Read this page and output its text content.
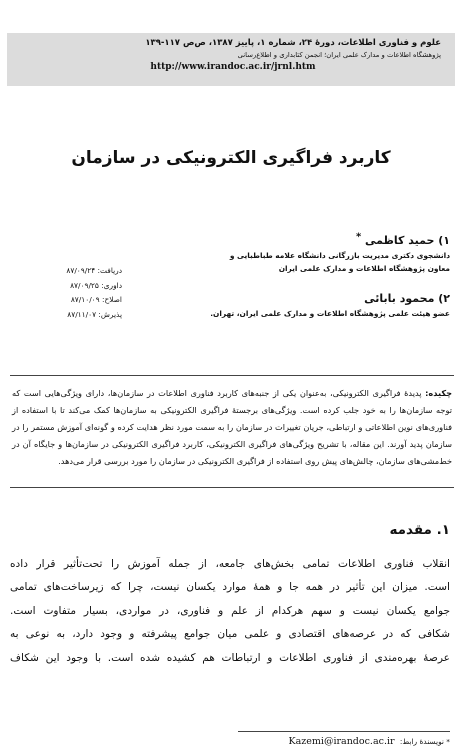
علوم و فناوری اطلاعات، دورۀ ۲۴، شماره ۱، پاییز ۱۳۸۷، ص‌ص ۱۱۷-۱۳۹
پژوهشگاه اطلاعات و مدارک علمی ایران؛ انجمن کتابداری و اطلاع‌رسانی
http://www.irandoc.ac.ir/jrnl.htm
کاربرد فراگیری الکترونیکی در سازمان
۱) حمید کاظمی *
دانشجوی دکتری مدیریت بازرگانی دانشگاه علامه طباطبایی و
معاون پژوهشگاه اطلاعات و مدارک علمی ایران
۲) محمود بابائی
عضو هیئت علمی پژوهشگاه اطلاعات و مدارک علمی ایران، تهران.
دریافت: ۸۷/۰۹/۲۴
داوری: ۸۷/۰۹/۲۵
اصلاح: ۸۷/۱۰/۰۹
پذیرش: ۸۷/۱۱/۰۷
چکیده: پدیدۀ فراگیری الکترونیکی، به‌عنوان یکی از جنبه‌های کاربرد فناوری اطلاعات در سازمان‌ها، دارای ویژگی‌هایی است که توجه سازمان‌ها را به خود جلب کرده است. ویژگی‌های برجستۀ فراگیری الکترونیکی به سازمان‌ها کمک می‌کند تا با استفاده از فناوری‌های نوین اطلاعاتی و ارتباطی، جریان تغییرات در سازمان را به سمت مورد نظر هدایت کرده و گونه‌ای آموزش مستمر را در سازمان پدید آورند. این مقاله، با تشریح ویژگی‌های فراگیری الکترونیکی، کاربرد فراگیری الکترونیکی در سازمان‌ها و جایگاه آن در خط‌مشی‌های سازمان، چالش‌های پیش روی استفاده از فراگیری الکترونیکی در سازمان را مورد بررسی قرار می‌دهد.
۱. مقدمه
انقلاب فناوری اطلاعات تمامی بخش‌های جامعه، از جمله آموزش را تحت‌تأثیر قرار داده
است. میزان این تأثیر در همه جا و همۀ موارد یکسان نیست، چرا که زیرساخت‌های تمامی
جوامع یکسان نیست و سهم هرکدام از علم و فناوری، در مواردی، بسیار متفاوت است.
شکافی که در عرصه‌های اقتصادی و علمی میان جوامع پیشرفته و وجود دارد، به نوعی به
عرصۀ بهره‌مندی از فناوری اطلاعات و ارتباطات هم کشیده شده است. با وجود این شکاف
* نویسندۀ رابط: Kazemi@irandoc.ac.ir
